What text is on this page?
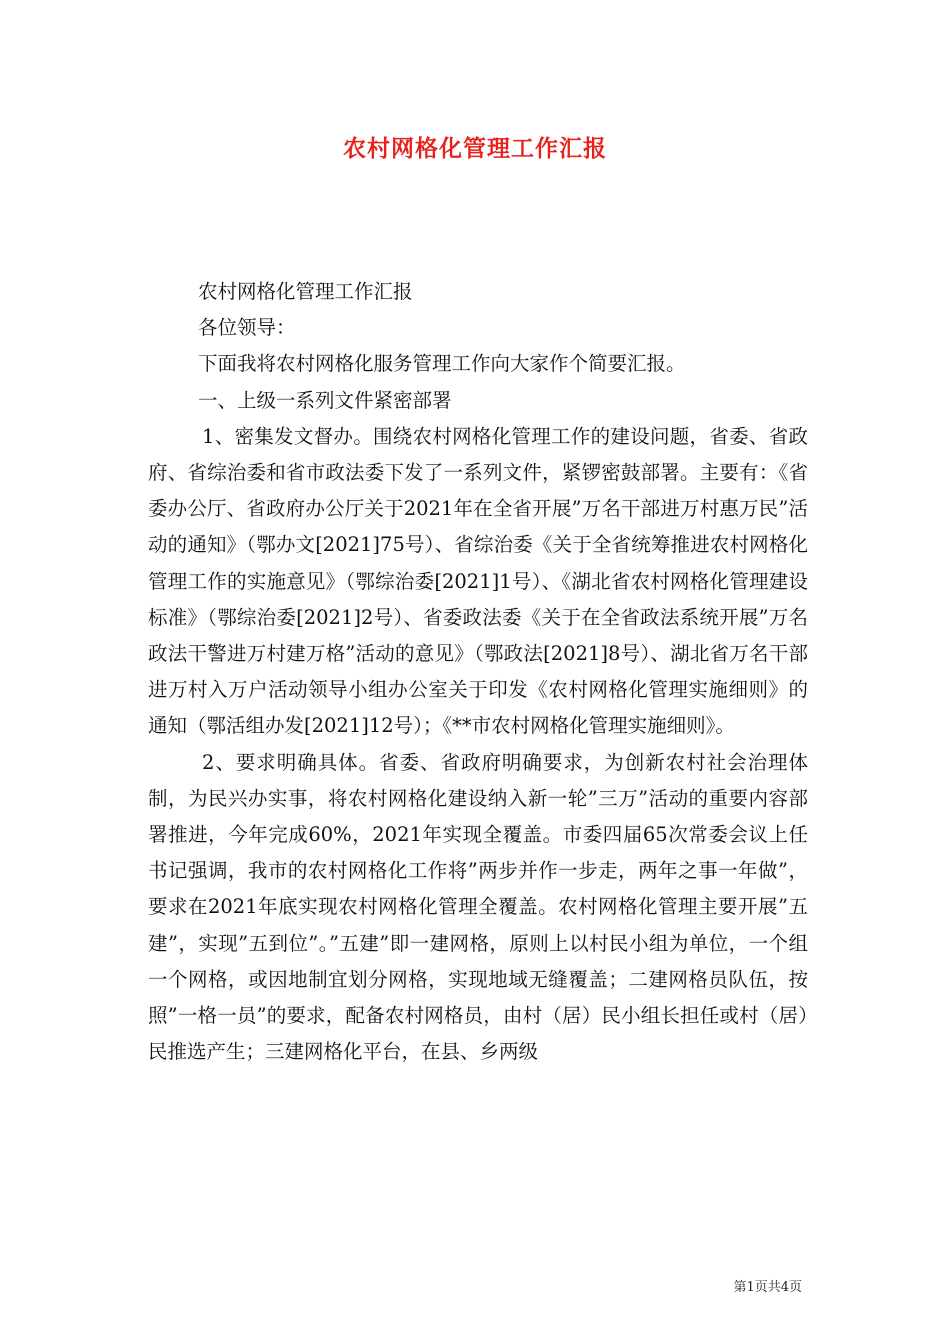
农村网格化管理工作汇报

农村网格化管理工作汇报

各位领导：

下面我将农村网格化服务管理工作向大家作个简要汇报。

一、上级一系列文件紧密部署

1、密集发文督办。围绕农村网格化管理工作的建设问题，省委、省政府、省综治委和省市政法委下发了一系列文件，紧锣密鼓部署。主要有：《省委办公厅、省政府办公厅关于2021年在全省开展”万名干部进万村惠万民”活动的通知》（鄂办文[2021]75号）、省综治委《关于全省统筹推进农村网格化管理工作的实施意见》（鄂综治委[2021]1号）、《湖北省农村网格化管理建设标准》（鄂综治委[2021]2号）、省委政法委《关于在全省政法系统开展”万名政法干警进万村建万格”活动的意见》（鄂政法[2021]8号）、湖北省万名干部进万村入万户活动领导小组办公室关于印发《农村网格化管理实施细则》的通知（鄂活组办发[2021]12号）；《**市农村网格化管理实施细则》。

2、要求明确具体。省委、省政府明确要求，为创新农村社会治理体制，为民兴办实事，将农村网格化建设纳入新一轮”三万”活动的重要内容部署推进，今年完成60%，2021年实现全覆盖。市委四届65次常委会议上任书记强调，我市的农村网格化工作将”两步并作一步走，两年之事一年做”，要求在2021年底实现农村网格化管理全覆盖。农村网格化管理主要开展”五建”，实现”五到位”。”五建”即一建网格，原则上以村民小组为单位，一个组一个网格，或因地制宜划分网格，实现地域无缝覆盖；二建网格员队伍，按照”一格一员”的要求，配备农村网格员，由村（居）民小组长担任或村（居）民推选产生；三建网格化平台，在县、乡两级

第1页共4页
